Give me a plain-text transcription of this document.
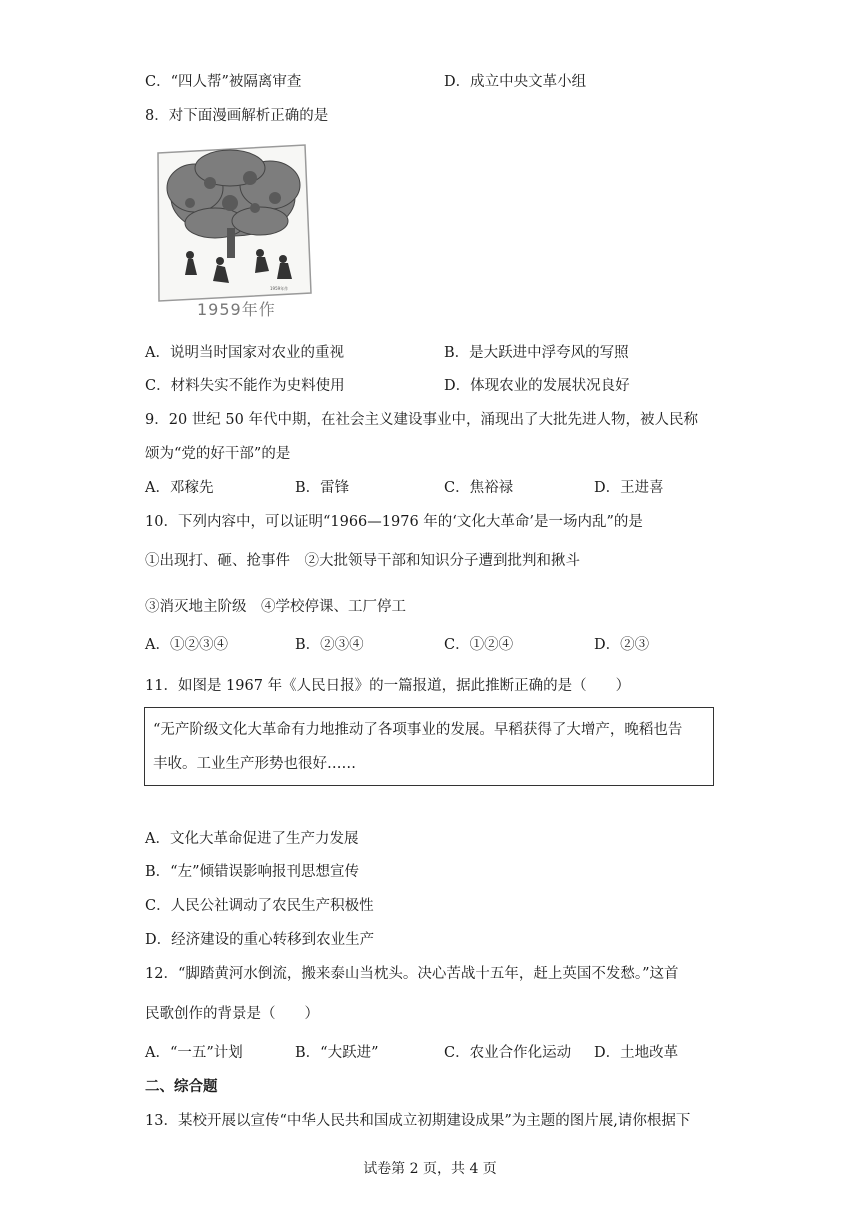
C．“四人帮”被隔离审查	D．成立中央文革小组
8．对下面漫画解析正确的是
1959年作
1959年作
A．说明当时国家对农业的重视	B．是大跃进中浮夸风的写照
C．材料失实不能作为史料使用	D．体现农业的发展状况良好
9．20 世纪 50 年代中期，在社会主义建设事业中，涌现出了大批先进人物，被人民称
颂为“党的好干部”的是
A．邓稼先	B．雷锋	C．焦裕禄	D．王进喜
10．下列内容中，可以证明“1966—1976 年的‘文化大革命’是一场内乱”的是
①出现打、砸、抢事件　②大批领导干部和知识分子遭到批判和揪斗
③消灭地主阶级　④学校停课、工厂停工
A．①②③④	B．②③④	C．①②④	D．②③
11．如图是 1967 年《人民日报》的一篇报道，据此推断正确的是（　　）
“无产阶级文化大革命有力地推动了各项事业的发展。早稻获得了大增产，晚稻也告
丰收。工业生产形势也很好……
A．文化大革命促进了生产力发展
B．“左”倾错误影响报刊思想宣传
C．人民公社调动了农民生产积极性
D．经济建设的重心转移到农业生产
12．“脚踏黄河水倒流，搬来泰山当枕头。决心苦战十五年，赶上英国不发愁。”这首
民歌创作的背景是（　　）
A．“一五”计划	B．“大跃进”	C．农业合作化运动 D．土地改革
二、综合题
13．某校开展以宣传“中华人民共和国成立初期建设成果”为主题的图片展,请你根据下
试卷第 2 页，共 4 页
